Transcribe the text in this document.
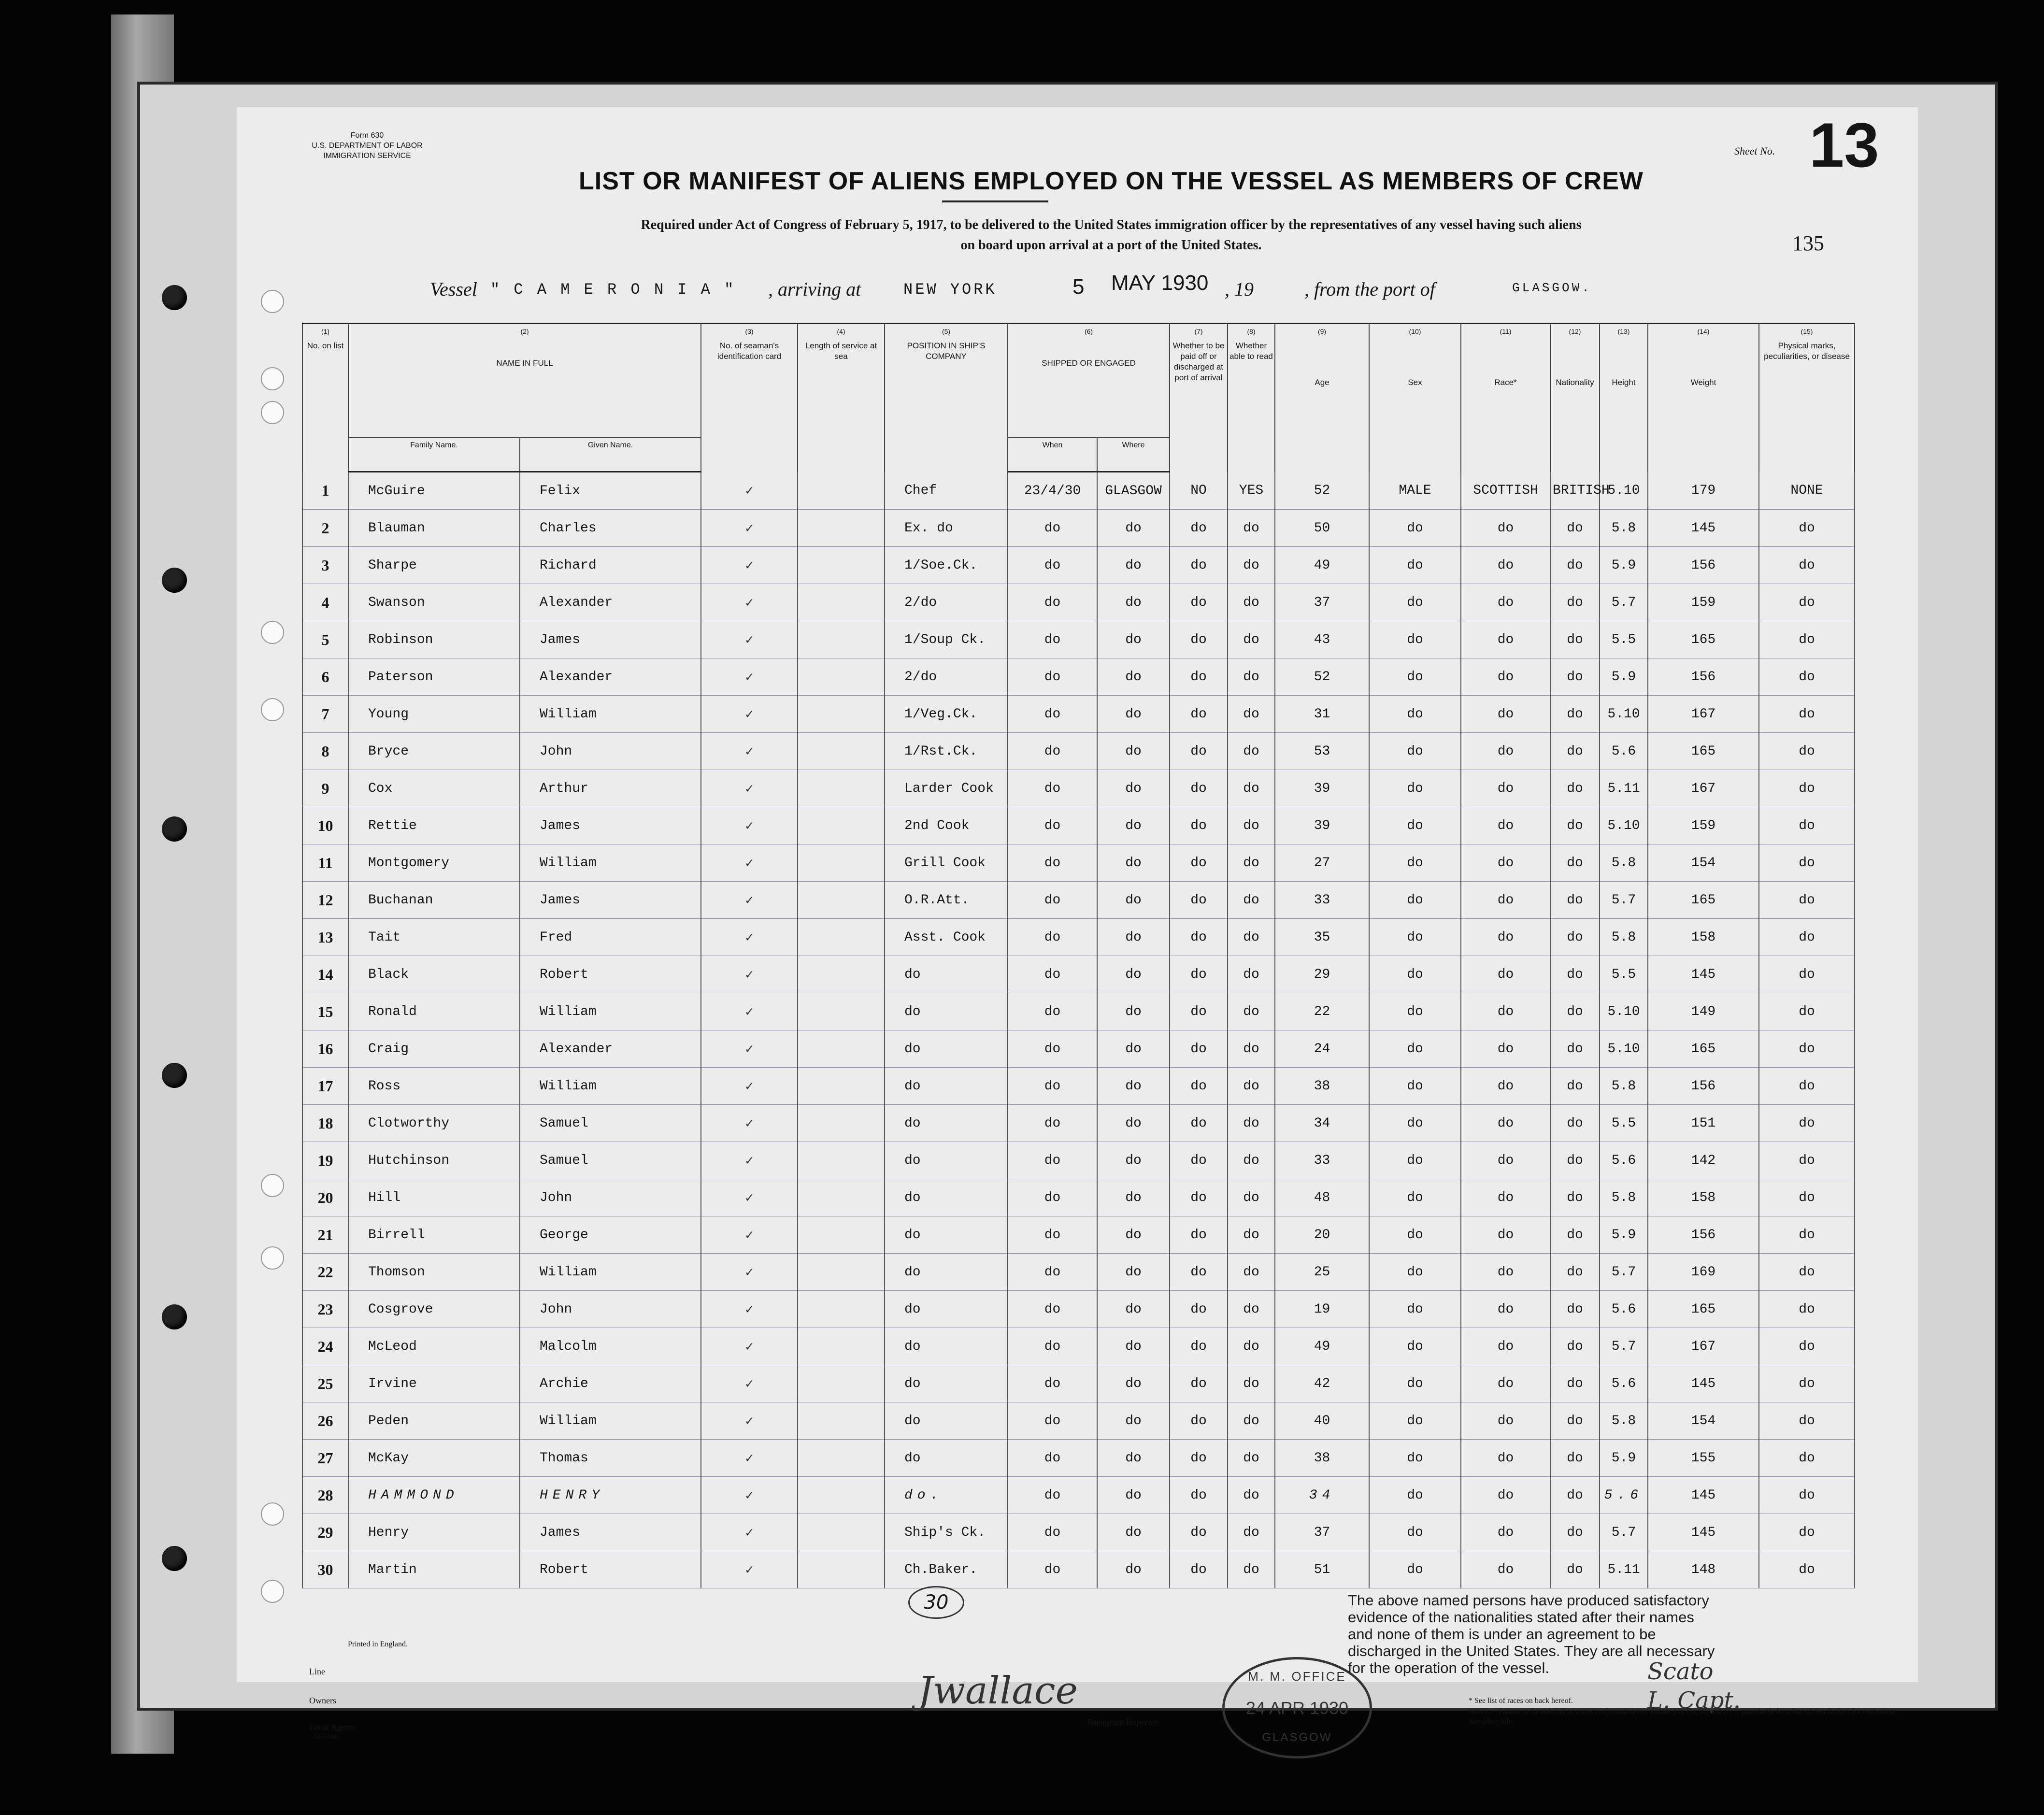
Form 630
U.S. DEPARTMENT OF LABOR
IMMIGRATION SERVICE	Sheet No. 13
135
LIST OR MANIFEST OF ALIENS EMPLOYED ON THE VESSEL AS MEMBERS OF CREW
Required under Act of Congress of February 5, 1917, to be delivered to the United States immigration officer by the representatives of any vessel having such aliens
on board upon arrival at a port of the United States.
Vessel " C A M E R O N I A " , arriving at	NEW YORK	5 MAY 1930 , 19	, from the port of	GLASGOW.
(1)	(2)		(3)	(4)	(5)	(6)		(7)	(8)	(9)	(10)	(11)	(12)	(13)	(14)	(15)
No. on list	NAME IN FULL		No. of seaman's identification card	Length of service at sea	POSITION IN SHIP'S COMPANY	SHIPPED OR ENGAGED		Whether to be paid off or discharged at port of arrival	Whether able to read	Age	Sex	Race*	Nationality	Height	Weight	Physical marks, peculiarities, or disease
	Family Name.	Given Name.				When	Where									
1	McGuire	Felix	✓		Chef	23/4/30	GLASGOW	NO	YES	52	MALE	SCOTTISH	BRITISH	5.10	179	NONE
2	Blauman	Charles	✓		Ex. do	do	do	do	do	50	do	do	do	5.8	145	do
3	Sharpe	Richard	✓		1/Soe.Ck.	do	do	do	do	49	do	do	do	5.9	156	do
4	Swanson	Alexander	✓		2/do	do	do	do	do	37	do	do	do	5.7	159	do
5	Robinson	James	✓		1/Soup Ck.	do	do	do	do	43	do	do	do	5.5	165	do
6	Paterson	Alexander	✓		2/do	do	do	do	do	52	do	do	do	5.9	156	do
7	Young	William	✓		1/Veg.Ck.	do	do	do	do	31	do	do	do	5.10	167	do
8	Bryce	John	✓		1/Rst.Ck.	do	do	do	do	53	do	do	do	5.6	165	do
9	Cox	Arthur	✓		Larder Cook	do	do	do	do	39	do	do	do	5.11	167	do
10	Rettie	James	✓		2nd Cook	do	do	do	do	39	do	do	do	5.10	159	do
11	Montgomery	William	✓		Grill Cook	do	do	do	do	27	do	do	do	5.8	154	do
12	Buchanan	James	✓		O.R.Att.	do	do	do	do	33	do	do	do	5.7	165	do
13	Tait	Fred	✓		Asst. Cook	do	do	do	do	35	do	do	do	5.8	158	do
14	Black	Robert	✓		do	do	do	do	do	29	do	do	do	5.5	145	do
15	Ronald	William	✓		do	do	do	do	do	22	do	do	do	5.10	149	do
16	Craig	Alexander	✓		do	do	do	do	do	24	do	do	do	5.10	165	do
17	Ross	William	✓		do	do	do	do	do	38	do	do	do	5.8	156	do
18	Clotworthy	Samuel	✓		do	do	do	do	do	34	do	do	do	5.5	151	do
19	Hutchinson	Samuel	✓		do	do	do	do	do	33	do	do	do	5.6	142	do
20	Hill	John	✓		do	do	do	do	do	48	do	do	do	5.8	158	do
21	Birrell	George	✓		do	do	do	do	do	20	do	do	do	5.9	156	do
22	Thomson	William	✓		do	do	do	do	do	25	do	do	do	5.7	169	do
23	Cosgrove	John	✓		do	do	do	do	do	19	do	do	do	5.6	165	do
24	McLeod	Malcolm	✓		do	do	do	do	do	49	do	do	do	5.7	167	do
25	Irvine	Archie	✓		do	do	do	do	do	42	do	do	do	5.6	145	do
26	Peden	William	✓		do	do	do	do	do	40	do	do	do	5.8	154	do
27	McKay	Thomas	✓		do	do	do	do	do	38	do	do	do	5.9	155	do
28	HAMMOND	HENRY	✓		do.	do	do	do	do	34	do	do	do	5.6	145	do
29	Henry	James	✓		Ship's Ck.	do	do	do	do	37	do	do	do	5.7	145	do
30	Martin	Robert	✓		Ch.Baker.	do	do	do	do	51	do	do	do	5.11	148	do
30
Printed in England.
Line
Owners
Local Agents
14-1340
Jwallace
Immigrant Inspector.
M. M. OFFICE
24 APR 1930
GLASGOW
The above named persons have produced satisfactory evidence of the nationalities stated after their names and none of them is under an agreement to be discharged in the United States. They are all necessary for the operation of the vessel.	Scato
L. Capt.
* See list of races on back hereof.
NOTE.—Failure to furnish full or correct information in columns (3), (5), (6) and (7) is punishable by a fine of Ten Dollars for each alien. See other side.
